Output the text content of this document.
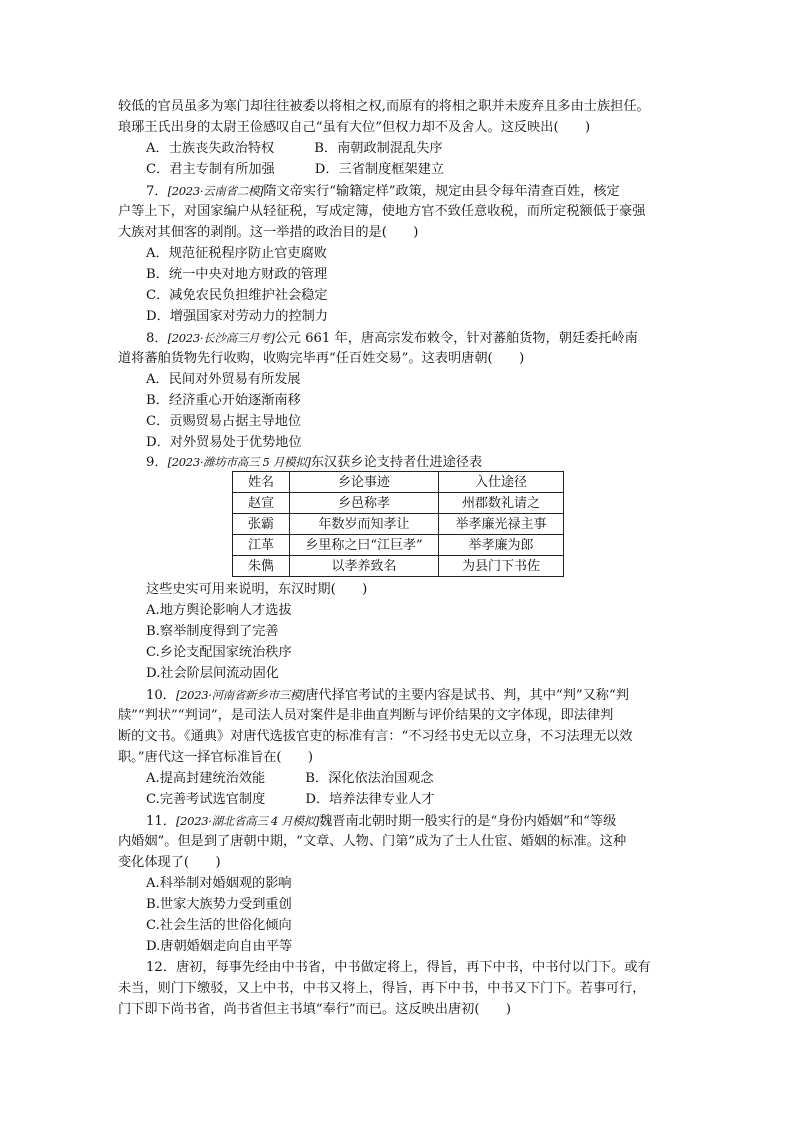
较低的官员虽多为寒门却往往被委以将相之权,而原有的将相之职并未废弃且多由士族担任。
琅琊王氏出身的太尉王俭感叹自己“虽有大位”但权力却不及舍人。这反映出(　　)
A．士族丧失政治特权	B．南朝政制混乱失序
C．君主专制有所加强	D．三省制度框架建立
7．[2023·云南省二模]隋文帝实行“输籍定样”政策，规定由县令每年清查百姓，核定
户等上下，对国家编户从轻征税，写成定簿，使地方官不致任意收税，而所定税额低于豪强
大族对其佃客的剥削。这一举措的政治目的是(　　)
A．规范征税程序防止官吏腐败
B．统一中央对地方财政的管理
C．减免农民负担维护社会稳定
D．增强国家对劳动力的控制力
8．[2023·长沙高三月考]公元 661 年，唐高宗发布敕令，针对蕃舶货物，朝廷委托岭南
道将蕃舶货物先行收购，收购完毕再“任百姓交易”。这表明唐朝(　　)
A．民间对外贸易有所发展
B．经济重心开始逐渐南移
C．贡赐贸易占据主导地位
D．对外贸易处于优势地位
9．[2023·潍坊市高三 5 月模拟]东汉获乡论支持者仕进途径表
姓名	乡论事迹	入仕途径
赵宣	乡邑称孝	州郡数礼请之
张霸	年数岁而知孝让	举孝廉光禄主事
江革	乡里称之曰“江巨孝”	举孝廉为郎
朱儁	以孝养致名	为县门下书佐
这些史实可用来说明，东汉时期(　　)
A.地方舆论影响人才选拔
B.察举制度得到了完善
C.乡论支配国家统治秩序
D.社会阶层间流动固化
10．[2023·河南省新乡市三模]唐代择官考试的主要内容是试书、判，其中“判”又称“判
牍”“判状”“判词”，是司法人员对案件是非曲直判断与评价结果的文字体现，即法律判
断的文书。《通典》对唐代选拔官吏的标准有言：“不习经书史无以立身，不习法理无以效
职。”唐代这一择官标准旨在(　　)
A.提高封建统治效能	B．深化依法治国观念
C.完善考试选官制度	D．培养法律专业人才
11．[2023·湖北省高三 4 月模拟]魏晋南北朝时期一般实行的是“身份内婚姻”和“等级
内婚姻”。但是到了唐朝中期，“文章、人物、门第”成为了士人仕宦、婚姻的标准。这种
变化体现了(　　)
A.科举制对婚姻观的影响
B.世家大族势力受到重创
C.社会生活的世俗化倾向
D.唐朝婚姻走向自由平等
12．唐初，每事先经由中书省，中书做定将上，得旨，再下中书，中书付以门下。或有
未当，则门下缴驳，又上中书，中书又将上，得旨，再下中书，中书又下门下。若事可行，
门下即下尚书省，尚书省但主书填“奉行”而已。这反映出唐初(　　)
